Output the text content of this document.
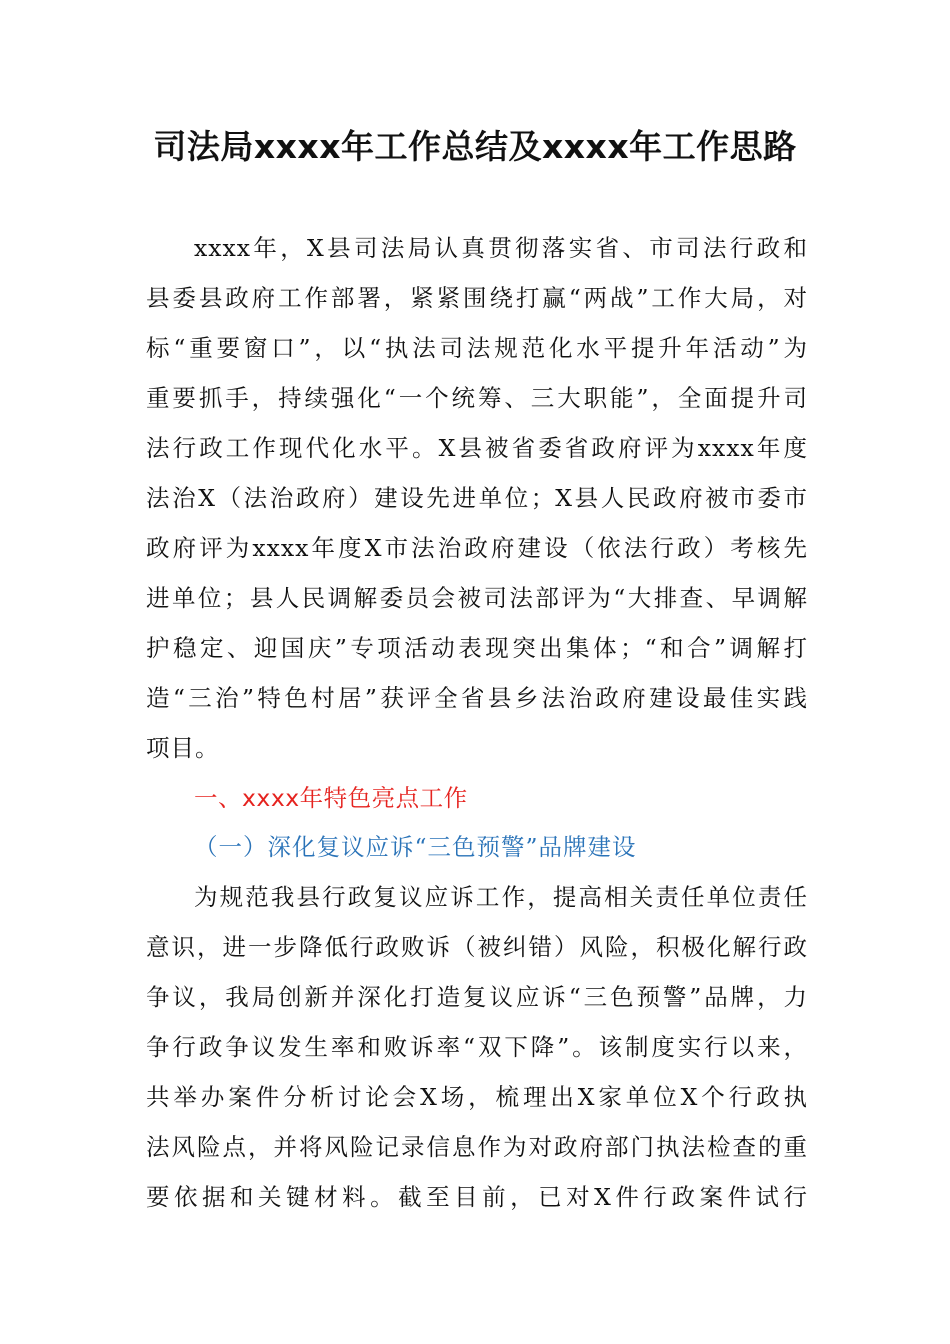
司法局xxxx年工作总结及xxxx年工作思路
xxxx年，X县司法局认真贯彻落实省、市司法行政和
县委县政府工作部署，紧紧围绕打赢“两战”工作大局，对
标“重要窗口”，以“执法司法规范化水平提升年活动”为
重要抓手，持续强化“一个统筹、三大职能”，全面提升司
法行政工作现代化水平。X县被省委省政府评为xxxx年度
法治X（法治政府）建设先进单位；X县人民政府被市委市
政府评为xxxx年度X市法治政府建设（依法行政）考核先
进单位；县人民调解委员会被司法部评为“大排查、早调解
护稳定、迎国庆”专项活动表现突出集体；“和合”调解打
造“三治”特色村居”获评全省县乡法治政府建设最佳实践
项目。
一、xxxx年特色亮点工作
（一）深化复议应诉“三色预警”品牌建设
为规范我县行政复议应诉工作，提高相关责任单位责任
意识，进一步降低行政败诉（被纠错）风险，积极化解行政
争议，我局创新并深化打造复议应诉“三色预警”品牌，力
争行政争议发生率和败诉率“双下降”。该制度实行以来，
共举办案件分析讨论会X场，梳理出X家单位X个行政执
法风险点，并将风险记录信息作为对政府部门执法检查的重
要依据和关键材料。截至目前，已对X件行政案件试行
